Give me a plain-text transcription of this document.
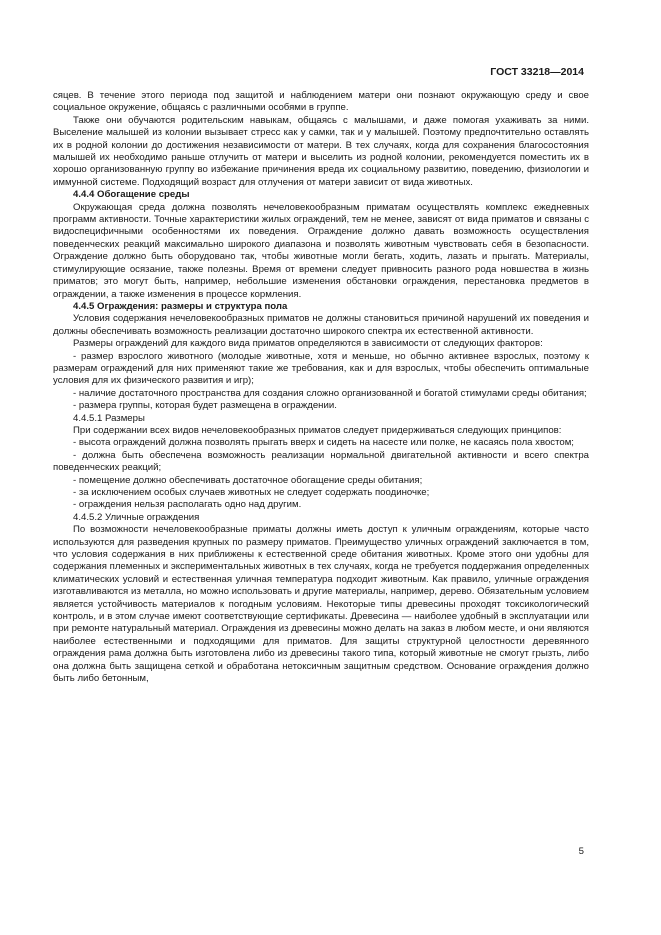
ГОСТ 33218—2014

сяцев. В течение этого периода под защитой и наблюдением матери они познают окружающую среду и свое социальное окружение, общаясь с различными особями в группе.

Также они обучаются родительским навыкам, общаясь с малышами, и даже помогая ухаживать за ними. Выселение малышей из колонии вызывает стресс как у самки, так и у малышей. Поэтому предпочтительно оставлять их в родной колонии до достижения независимости от матери. В тех случаях, когда для сохранения благосостояния малышей их необходимо раньше отлучить от матери и выселить из родной колонии, рекомендуется поместить их в хорошо организованную группу во избежание причинения вреда их социальному развитию, поведению, физиологии и иммунной системе. Подходящий возраст для отлучения от матери зависит от вида животных.

4.4.4 Обогащение среды

Окружающая среда должна позволять нечеловекообразным приматам осуществлять комплекс ежедневных программ активности. Точные характеристики жилых ограждений, тем не менее, зависят от вида приматов и связаны с видоспецифичными особенностями их поведения. Ограждение должно давать возможность осуществления поведенческих реакций максимально широкого диапазона и позволять животным чувствовать себя в безопасности. Ограждение должно быть оборудовано так, чтобы животные могли бегать, ходить, лазать и прыгать. Материалы, стимулирующие осязание, также полезны. Время от времени следует привносить разного рода новшества в жизнь приматов; это могут быть, например, небольшие изменения обстановки ограждения, перестановка предметов в ограждении, а также изменения в процессе кормления.

4.4.5 Ограждения: размеры и структура пола

Условия содержания нечеловекообразных приматов не должны становиться причиной нарушений их поведения и должны обеспечивать возможность реализации достаточно широкого спектра их естественной активности.

Размеры ограждений для каждого вида приматов определяются в зависимости от следующих факторов:

- размер взрослого животного (молодые животные, хотя и меньше, но обычно активнее взрослых, поэтому к размерам ограждений для них применяют такие же требования, как и для взрослых, чтобы обеспечить оптимальные условия для их физического развития и игр);

- наличие достаточного пространства для создания сложно организованной и богатой стимулами среды обитания;

- размера группы, которая будет размещена в ограждении.

4.4.5.1 Размеры

При содержании всех видов нечеловекообразных приматов следует придерживаться следующих принципов:

- высота ограждений должна позволять прыгать вверх и сидеть на насесте или полке, не касаясь пола хвостом;

- должна быть обеспечена возможность реализации нормальной двигательной активности и всего спектра поведенческих реакций;

- помещение должно обеспечивать достаточное обогащение среды обитания;

- за исключением особых случаев животных не следует содержать поодиночке;

- ограждения нельзя располагать одно над другим.

4.4.5.2 Уличные ограждения

По возможности нечеловекообразные приматы должны иметь доступ к уличным ограждениям, которые часто используются для разведения крупных по размеру приматов. Преимущество уличных ограждений заключается в том, что условия содержания в них приближены к естественной среде обитания животных. Кроме этого они удобны для содержания племенных и экспериментальных животных в тех случаях, когда не требуется поддержания определенных климатических условий и естественная уличная температура подходит животным. Как правило, уличные ограждения изготавливаются из металла, но можно использовать и другие материалы, например, дерево. Обязательным условием является устойчивость материалов к погодным условиям. Некоторые типы древесины проходят токсикологический контроль, и в этом случае имеют соответствующие сертификаты. Древесина — наиболее удобный в эксплуатации или при ремонте натуральный материал. Ограждения из древесины можно делать на заказ в любом месте, и они являются наиболее естественными и подходящими для приматов. Для защиты структурной целостности деревянного ограждения рама должна быть изготовлена либо из древесины такого типа, который животные не смогут грызть, либо она должна быть защищена сеткой и обработана нетоксичным защитным средством. Основание ограждения должно быть либо бетонным,

5
